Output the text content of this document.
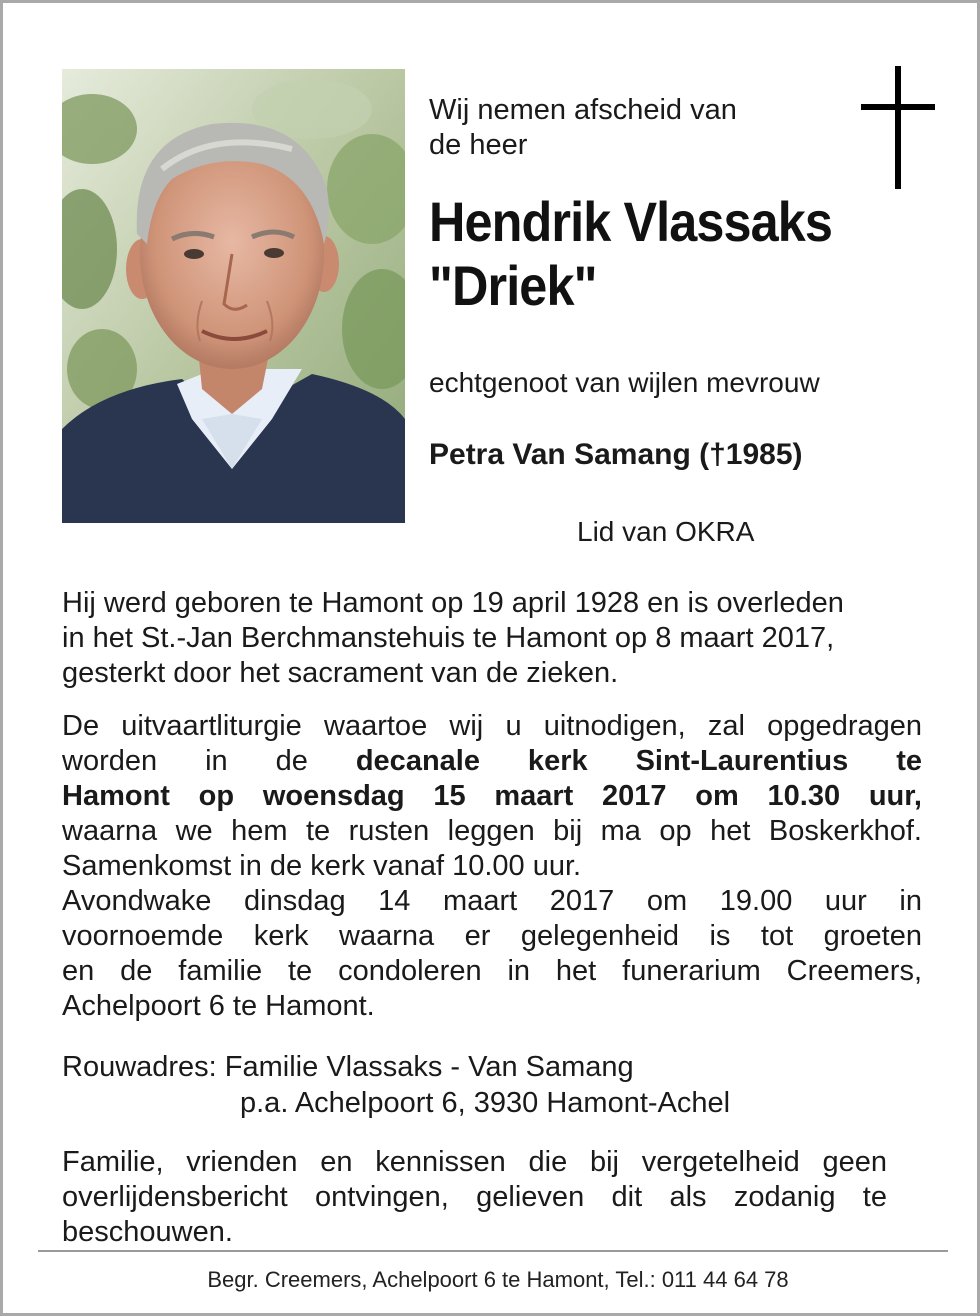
Wij nemen afscheid van
de heer
Hendrik Vlassaks
"Driek"
echtgenoot van wijlen mevrouw
Petra Van Samang (†1985)
Lid van OKRA
Hij werd geboren te Hamont op 19 april 1928 en is overleden
in het St.-Jan Berchmanstehuis te Hamont op 8 maart 2017,
gesterkt door het sacrament van de zieken.
De uitvaartliturgie waartoe wij u uitnodigen, zal opgedragen
worden in de decanale kerk Sint-Laurentius te
Hamont op woensdag 15 maart 2017 om 10.30 uur,
waarna we hem te rusten leggen bij ma op het Boskerkhof.
Samenkomst in de kerk vanaf 10.00 uur.
Avondwake dinsdag 14 maart 2017 om 19.00 uur in
voornoemde kerk waarna er gelegenheid is tot groeten
en de familie te condoleren in het funerarium Creemers,
Achelpoort 6 te Hamont.
Rouwadres: Familie Vlassaks - Van Samang
p.a. Achelpoort 6, 3930 Hamont-Achel
Familie, vrienden en kennissen die bij vergetelheid geen
overlijdensbericht ontvingen, gelieven dit als zodanig te
beschouwen.
Begr. Creemers, Achelpoort 6 te Hamont, Tel.: 011 44 64 78
